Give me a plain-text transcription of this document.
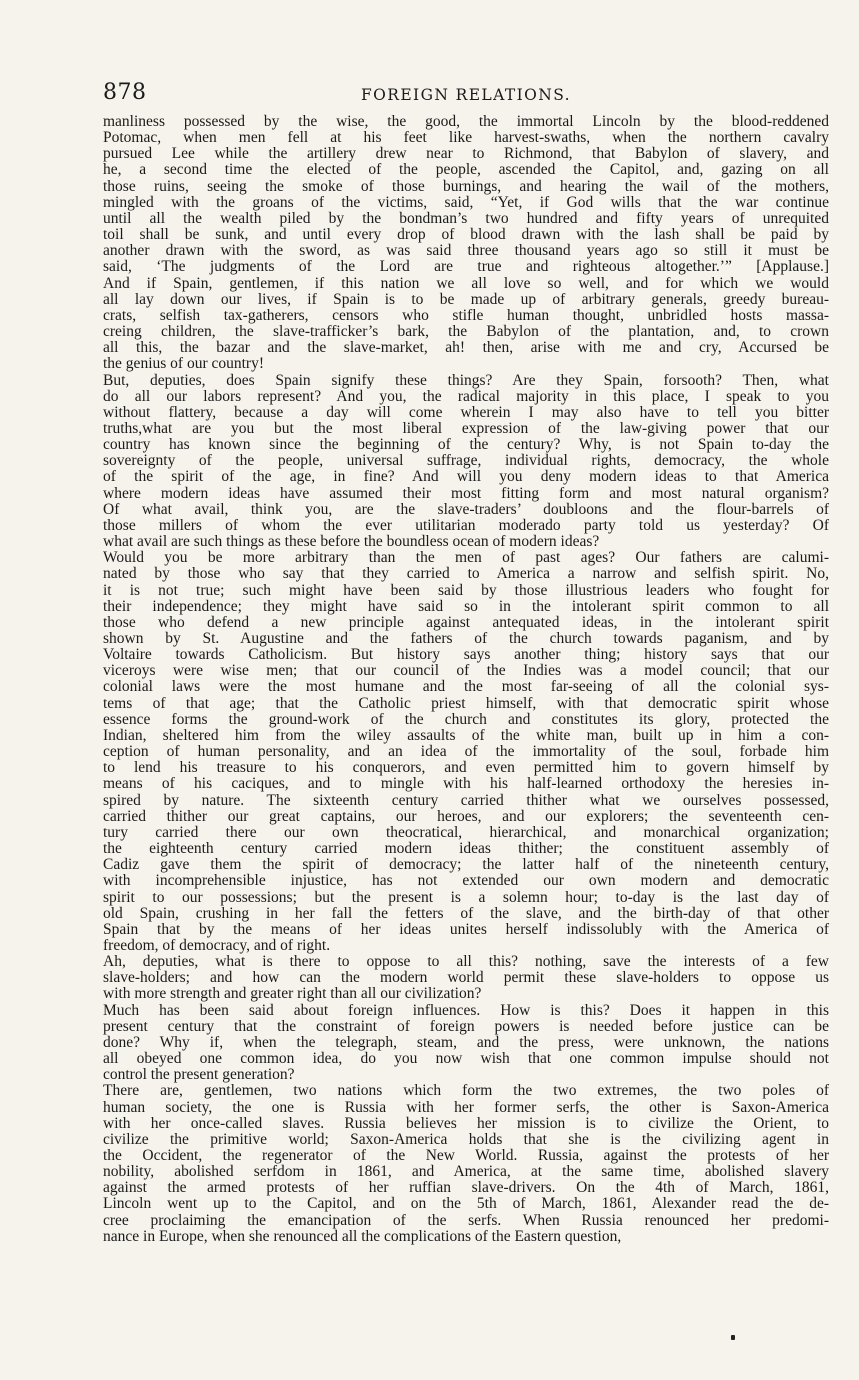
878	FOREIGN RELATIONS.

manliness possessed by the wise, the good, the immortal Lincoln by the blood-reddened
Potomac, when men fell at his feet like harvest-swaths, when the northern cavalry
pursued Lee while the artillery drew near to Richmond, that Babylon of slavery, and
he, a second time the elected of the people, ascended the Capitol, and, gazing on all
those ruins, seeing the smoke of those burnings, and hearing the wail of the mothers,
mingled with the groans of the victims, said, “Yet, if God wills that the war continue
until all the wealth piled by the bondman’s two hundred and fifty years of unrequited
toil shall be sunk, and until every drop of blood drawn with the lash shall be paid by
another drawn with the sword, as was said three thousand years ago so still it must be
said, ‘The judgments of the Lord are true and righteous altogether.’” [Applause.]
And if Spain, gentlemen, if this nation we all love so well, and for which we would
all lay down our lives, if Spain is to be made up of arbitrary generals, greedy bureau-
crats, selfish tax-gatherers, censors who stifle human thought, unbridled hosts massa-
creing children, the slave-trafficker’s bark, the Babylon of the plantation, and, to crown
all this, the bazar and the slave-market, ah! then, arise with me and cry, Accursed be
the genius of our country!

But, deputies, does Spain signify these things? Are they Spain, forsooth? Then, what
do all our labors represent? And you, the radical majority in this place, I speak to you
without flattery, because a day will come wherein I may also have to tell you bitter
truths,what are you but the most liberal expression of the law-giving power that our
country has known since the beginning of the century? Why, is not Spain to-day the
sovereignty of the people, universal suffrage, individual rights, democracy, the whole
of the spirit of the age, in fine? And will you deny modern ideas to that America
where modern ideas have assumed their most fitting form and most natural organism?
Of what avail, think you, are the slave-traders’ doubloons and the flour-barrels of
those millers of whom the ever utilitarian moderado party told us yesterday? Of
what avail are such things as these before the boundless ocean of modern ideas?

Would you be more arbitrary than the men of past ages? Our fathers are calumi-
nated by those who say that they carried to America a narrow and selfish spirit. No,
it is not true; such might have been said by those illustrious leaders who fought for
their independence; they might have said so in the intolerant spirit common to all
those who defend a new principle against antequated ideas, in the intolerant spirit
shown by St. Augustine and the fathers of the church towards paganism, and by
Voltaire towards Catholicism. But history says another thing; history says that our
viceroys were wise men; that our council of the Indies was a model council; that our
colonial laws were the most humane and the most far-seeing of all the colonial sys-
tems of that age; that the Catholic priest himself, with that democratic spirit whose
essence forms the ground-work of the church and constitutes its glory, protected the
Indian, sheltered him from the wiley assaults of the white man, built up in him a con-
ception of human personality, and an idea of the immortality of the soul, forbade him
to lend his treasure to his conquerors, and even permitted him to govern himself by
means of his caciques, and to mingle with his half-learned orthodoxy the heresies in-
spired by nature. The sixteenth century carried thither what we ourselves possessed,
carried thither our great captains, our heroes, and our explorers; the seventeenth cen-
tury carried there our own theocratical, hierarchical, and monarchical organization;
the eighteenth century carried modern ideas thither; the constituent assembly of
Cadiz gave them the spirit of democracy; the latter half of the nineteenth century,
with incomprehensible injustice, has not extended our own modern and democratic
spirit to our possessions; but the present is a solemn hour; to-day is the last day of
old Spain, crushing in her fall the fetters of the slave, and the birth-day of that other
Spain that by the means of her ideas unites herself indissolubly with the America of
freedom, of democracy, and of right.

Ah, deputies, what is there to oppose to all this? nothing, save the interests of a few
slave-holders; and how can the modern world permit these slave-holders to oppose us
with more strength and greater right than all our civilization?

Much has been said about foreign influences. How is this? Does it happen in this
present century that the constraint of foreign powers is needed before justice can be
done? Why if, when the telegraph, steam, and the press, were unknown, the nations
all obeyed one common idea, do you now wish that one common impulse should not
control the present generation?

There are, gentlemen, two nations which form the two extremes, the two poles of
human society, the one is Russia with her former serfs, the other is Saxon-America
with her once-called slaves. Russia believes her mission is to civilize the Orient, to
civilize the primitive world; Saxon-America holds that she is the civilizing agent in
the Occident, the regenerator of the New World. Russia, against the protests of her
nobility, abolished serfdom in 1861, and America, at the same time, abolished slavery
against the armed protests of her ruffian slave-drivers. On the 4th of March, 1861,
Lincoln went up to the Capitol, and on the 5th of March, 1861, Alexander read the de-
cree proclaiming the emancipation of the serfs. When Russia renounced her predomi-
nance in Europe, when she renounced all the complications of the Eastern question,
